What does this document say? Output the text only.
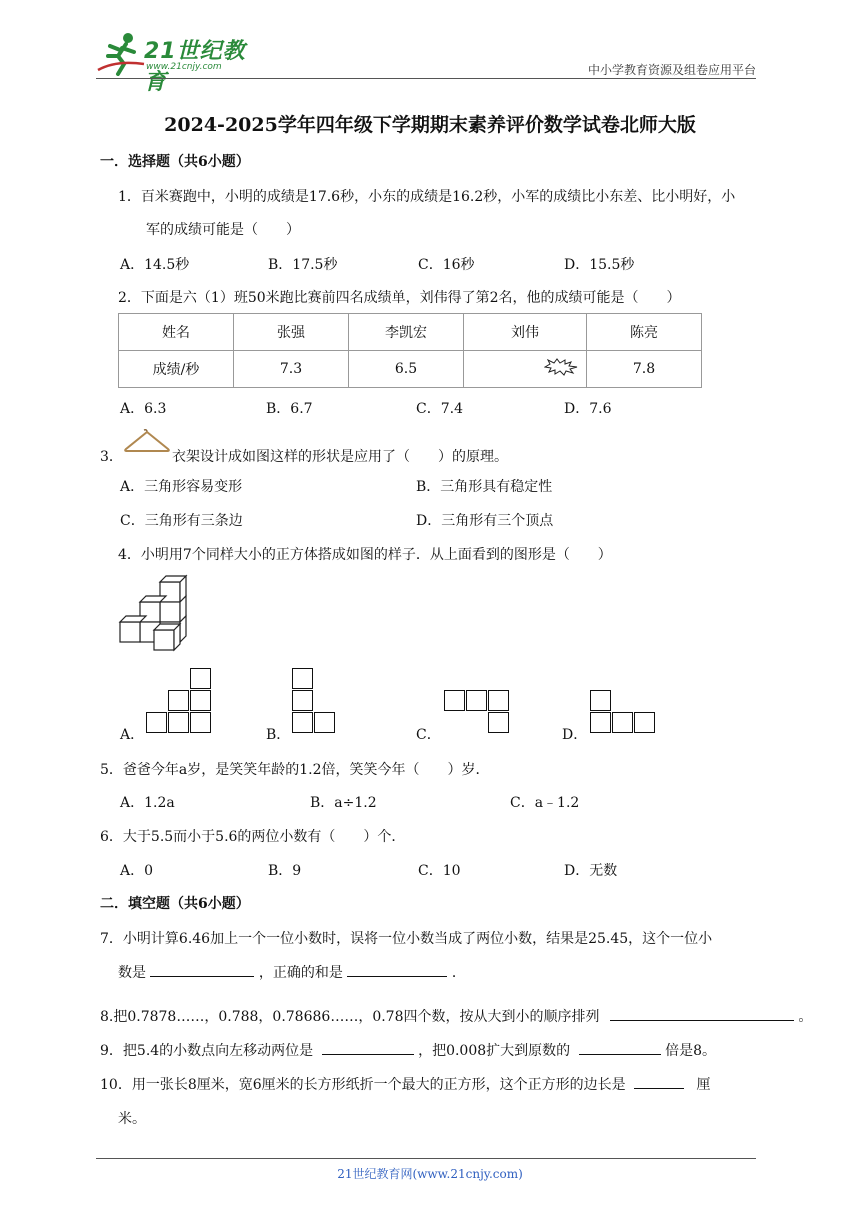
21世纪教育
www.21cnjy.com	中小学教育资源及组卷应用平台
2024-2025学年四年级下学期期末素养评价数学试卷北师大版
一．选择题（共6小题）
1．百米赛跑中，小明的成绩是17.6秒，小东的成绩是16.2秒，小军的成绩比小东差、比小明好，小
军的成绩可能是（　　）
A．14.5秒	B．17.5秒	C．16秒	D．15.5秒
2．下面是六（1）班50米跑比赛前四名成绩单，刘伟得了第2名，他的成绩可能是（　　）
姓名	张强	李凯宏	刘伟	陈亮
成绩/秒	7.3	6.5		7.8
A．6.3	B．6.7	C．7.4	D．7.6
3．	衣架设计成如图这样的形状是应用了（　　）的原理。
A．三角形容易变形	B．三角形具有稳定性
C．三角形有三条边	D．三角形有三个顶点
4．小明用7个同样大小的正方体搭成如图的样子．从上面看到的图形是（　　）
A．	B．	C．	D．
5．爸爸今年a岁，是笑笑年龄的1.2倍，笑笑今年（　　）岁．
A．1.2a	B．a÷1.2	C．a﹣1.2
6．大于5.5而小于5.6的两位小数有（　　）个．
A．0	B．9	C．10	D．无数
二．填空题（共6小题）
7．小明计算6.46加上一个一位小数时，误将一位小数当成了两位小数，结果是25.45，这个一位小
数是	，正确的和是	．
8.把0.7878……，0.788，0.78686……，0.78四个数，按从大到小的顺序排列	。
9．把5.4的小数点向左移动两位是	，把0.008扩大到原数的	倍是8。
10．用一张长8厘米，宽6厘米的长方形纸折一个最大的正方形，这个正方形的边长是	厘
米。
21世纪教育网(www.21cnjy.com)
